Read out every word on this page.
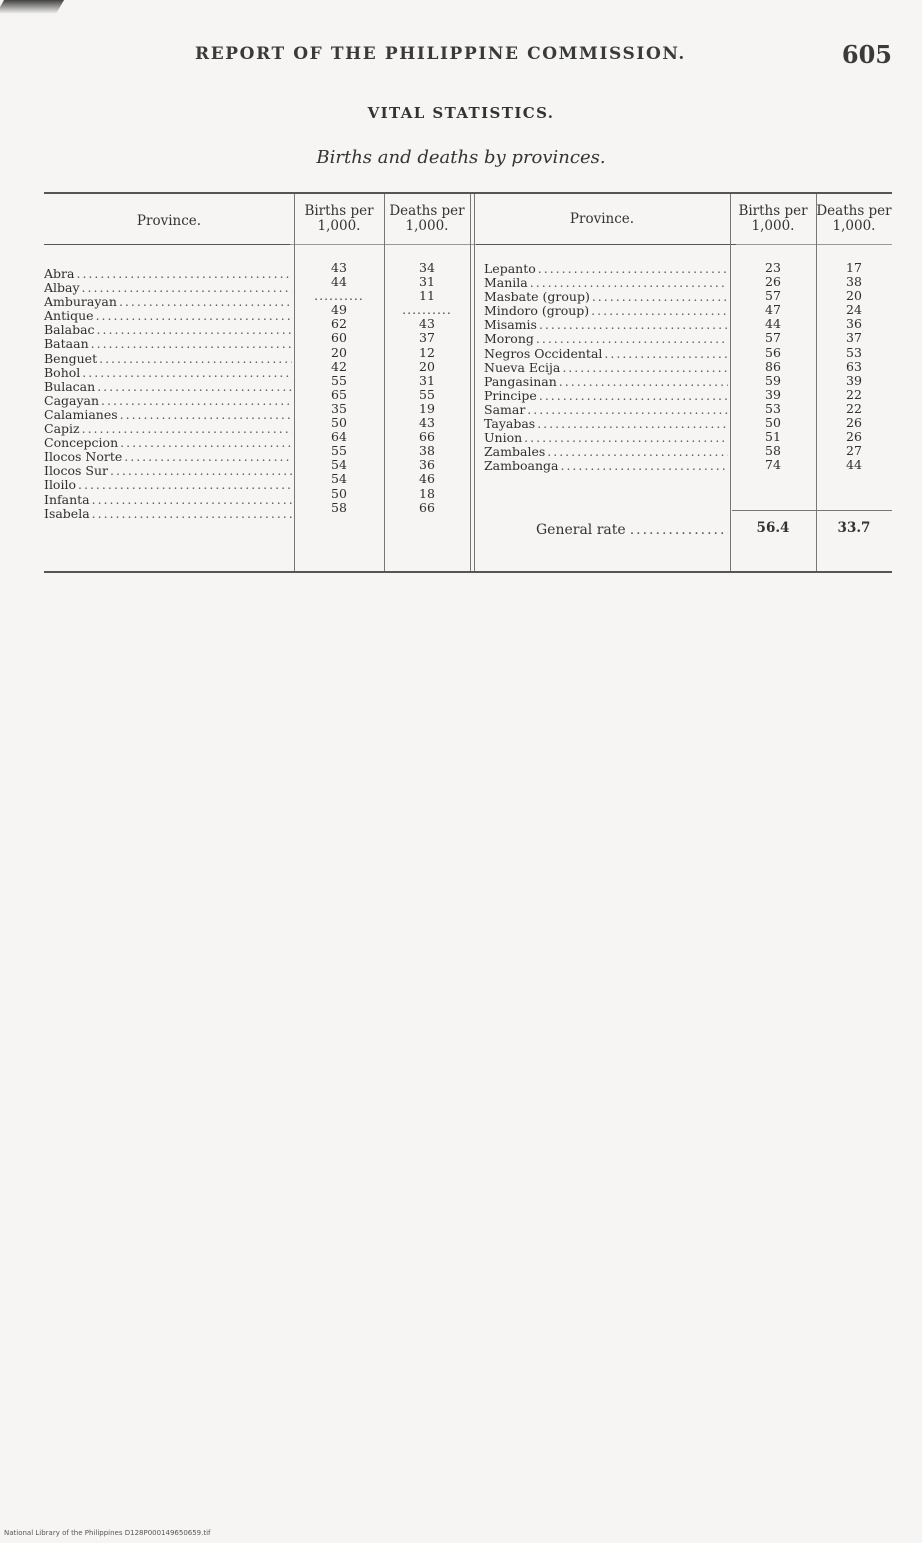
REPORT OF THE PHILIPPINE COMMISSION.	605
VITAL STATISTICS.
Births and deaths by provinces.
Province.
Births per 1,000.
Deaths per 1,000.	Province.	Births per 1,000.
Deaths per 1,000.
Abra
.....
Albay
.....
Amburayan
.....
Antique
.....
Balabac
.....
Bataan
.....
Benguet
.....
Bohol
.....
Bulacan
.....
Cagayan
.....
Calamianes
.....
Capiz
.....
Concepcion
.....
Ilocos Norte
.....
Ilocos Sur
.....
Iloilo
.....
Infanta
.....
Isabela
.....
43
44
..........
49
62
60
20
42
55
65
35
50
64
55
54
54
50
58
34
31
11
..........
43
37
12
20
31
55
19
43
66
38
36
46
18
66
Lepanto
.....
Manila
.....
Masbate (group)
.....
Mindoro (group)
.....
Misamis
.....
Morong
.....
Negros Occidental
.....
Nueva Ecija
.....
Pangasinan
.....
Principe
.....
Samar
.....
Tayabas
.....
Union
.....
Zambales
.....
Zamboanga
.....
23
26
57
47
44
57
56
86
59
39
53
50
51
58
74
17
38
20
24
36
37
53
63
39
22
22
26
26
27
44
General rate
.....	56.4	33.7
National Library of the Philippines D128P000149650659.tif
